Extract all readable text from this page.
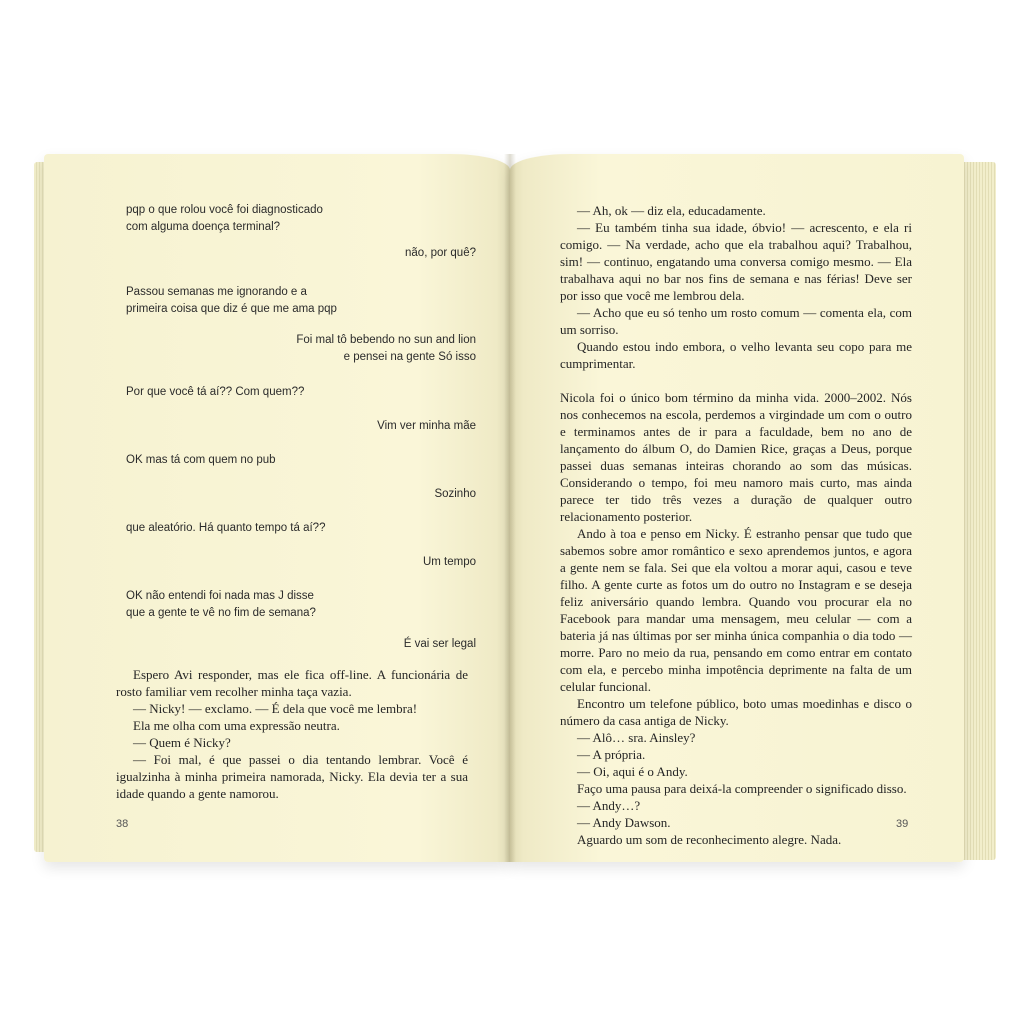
pqp o que rolou você foi diagnosticado
com alguma doença terminal?
não, por quê?
Passou semanas me ignorando e a
primeira coisa que diz é que me ama pqp
Foi mal tô bebendo no sun and lion
e pensei na gente Só isso
Por que você tá aí?? Com quem??
Vim ver minha mãe
OK mas tá com quem no pub
Sozinho
que aleatório. Há quanto tempo tá aí??
Um tempo
OK não entendi foi nada mas J disse
que a gente te vê no fim de semana?
É vai ser legal

Espero Avi responder, mas ele fica off-line. A funcionária de rosto familiar vem recolher minha taça vazia.

— Nicky! — exclamo. — É dela que você me lembra!

Ela me olha com uma expressão neutra.

— Quem é Nicky?

— Foi mal, é que passei o dia tentando lembrar. Você é igualzinha à minha primeira namorada, Nicky. Ela devia ter a sua idade quando a gente namorou.

38

— Ah, ok — diz ela, educadamente.

— Eu também tinha sua idade, óbvio! — acrescento, e ela ri comigo. — Na verdade, acho que ela trabalhou aqui? Trabalhou, sim! — continuo, engatando uma conversa comigo mesmo. — Ela trabalhava aqui no bar nos fins de semana e nas férias! Deve ser por isso que você me lembrou dela.

— Acho que eu só tenho um rosto comum — comenta ela, com um sorriso.

Quando estou indo embora, o velho levanta seu copo para me cumprimentar.

Nicola foi o único bom término da minha vida. 2000–2002. Nós nos conhecemos na escola, perdemos a virgindade um com o outro e terminamos antes de ir para a faculdade, bem no ano de lançamento do álbum O, do Damien Rice, graças a Deus, porque passei duas semanas inteiras chorando ao som das músicas. Considerando o tempo, foi meu namoro mais curto, mas ainda parece ter tido três vezes a duração de qualquer outro relacionamento posterior.

Ando à toa e penso em Nicky. É estranho pensar que tudo que sabemos sobre amor romântico e sexo aprendemos juntos, e agora a gente nem se fala. Sei que ela voltou a morar aqui, casou e teve filho. A gente curte as fotos um do outro no Instagram e se deseja feliz aniversário quando lembra. Quando vou procurar ela no Facebook para mandar uma mensagem, meu celular — com a bateria já nas últimas por ser minha única companhia o dia todo — morre. Paro no meio da rua, pensando em como entrar em contato com ela, e percebo minha impotência deprimente na falta de um celular funcional.

Encontro um telefone público, boto umas moedinhas e disco o número da casa antiga de Nicky.

— Alô… sra. Ainsley?

— A própria.

— Oi, aqui é o Andy.

Faço uma pausa para deixá-la compreender o significado disso.

— Andy…?

— Andy Dawson.

Aguardo um som de reconhecimento alegre. Nada.

39
